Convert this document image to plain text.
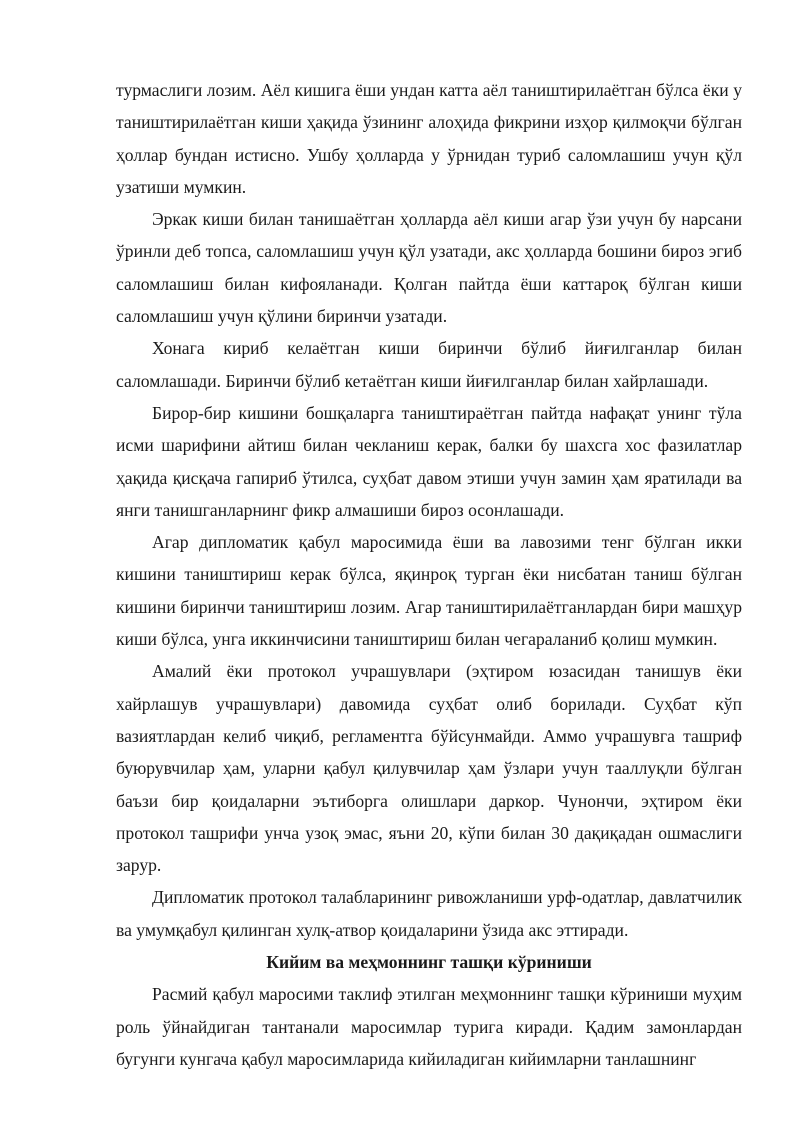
турмаслиги лозим. Аёл кишига ёши ундан катта аёл таништирилаётган бўлса ёки у таништирилаётган киши ҳақида ўзининг алоҳида фикрини изҳор қилмоқчи бўлган ҳоллар бундан истисно. Ушбу ҳолларда у ўрнидан туриб саломлашиш учун қўл узатиши мумкин.

Эркак киши билан танишаётган ҳолларда аёл киши агар ўзи учун бу нарсани ўринли деб топса, саломлашиш учун қўл узатади, акс ҳолларда бошини бироз эгиб саломлашиш билан кифояланади. Қолган пайтда ёши каттароқ бўлган киши саломлашиш учун қўлини биринчи узатади.

Хонага кириб келаётган киши биринчи бўлиб йиғилганлар билан саломлашади. Биринчи бўлиб кетаётган киши йиғилганлар билан хайрлашади.

Бирор-бир кишини бошқаларга таништираётган пайтда нафақат унинг тўла исми шарифини айтиш билан чекланиш керак, балки бу шахсга хос фазилатлар ҳақида қисқача гапириб ўтилса, суҳбат давом этиши учун замин ҳам яратилади ва янги танишганларнинг фикр алмашиши бироз осонлашади.

Агар дипломатик қабул маросимида ёши ва лавозими тенг бўлган икки кишини таништириш керак бўлса, яқинроқ турган ёки нисбатан таниш бўлган кишини биринчи таништириш лозим. Агар таништирилаётганлардан бири машҳур киши бўлса, унга иккинчисини таништириш билан чегараланиб қолиш мумкин.

Амалий ёки протокол учрашувлари (эҳтиром юзасидан танишув ёки хайрлашув учрашувлари) давомида суҳбат олиб борилади. Суҳбат кўп вазиятлардан келиб чиқиб, регламентга бўйсунмайди. Аммо учрашувга ташриф буюрувчилар ҳам, уларни қабул қилувчилар ҳам ўзлари учун тааллуқли бўлган баъзи бир қоидаларни эътиборга олишлари даркор. Чунончи, эҳтиром ёки протокол ташрифи унча узоқ эмас, яъни 20, кўпи билан 30 дақиқадан ошмаслиги зарур.

Дипломатик протокол талабларининг ривожланиши урф-одатлар, давлатчилик ва умумқабул қилинган хулқ-атвор қоидаларини ўзида акс эттиради.

Кийим ва меҳмоннинг ташқи кўриниши

Расмий қабул маросими таклиф этилган меҳмоннинг ташқи кўриниши муҳим роль ўйнайдиган тантанали маросимлар турига киради. Қадим замонлардан бугунги кунгача қабул маросимларида кийиладиган кийимларни танлашнинг
